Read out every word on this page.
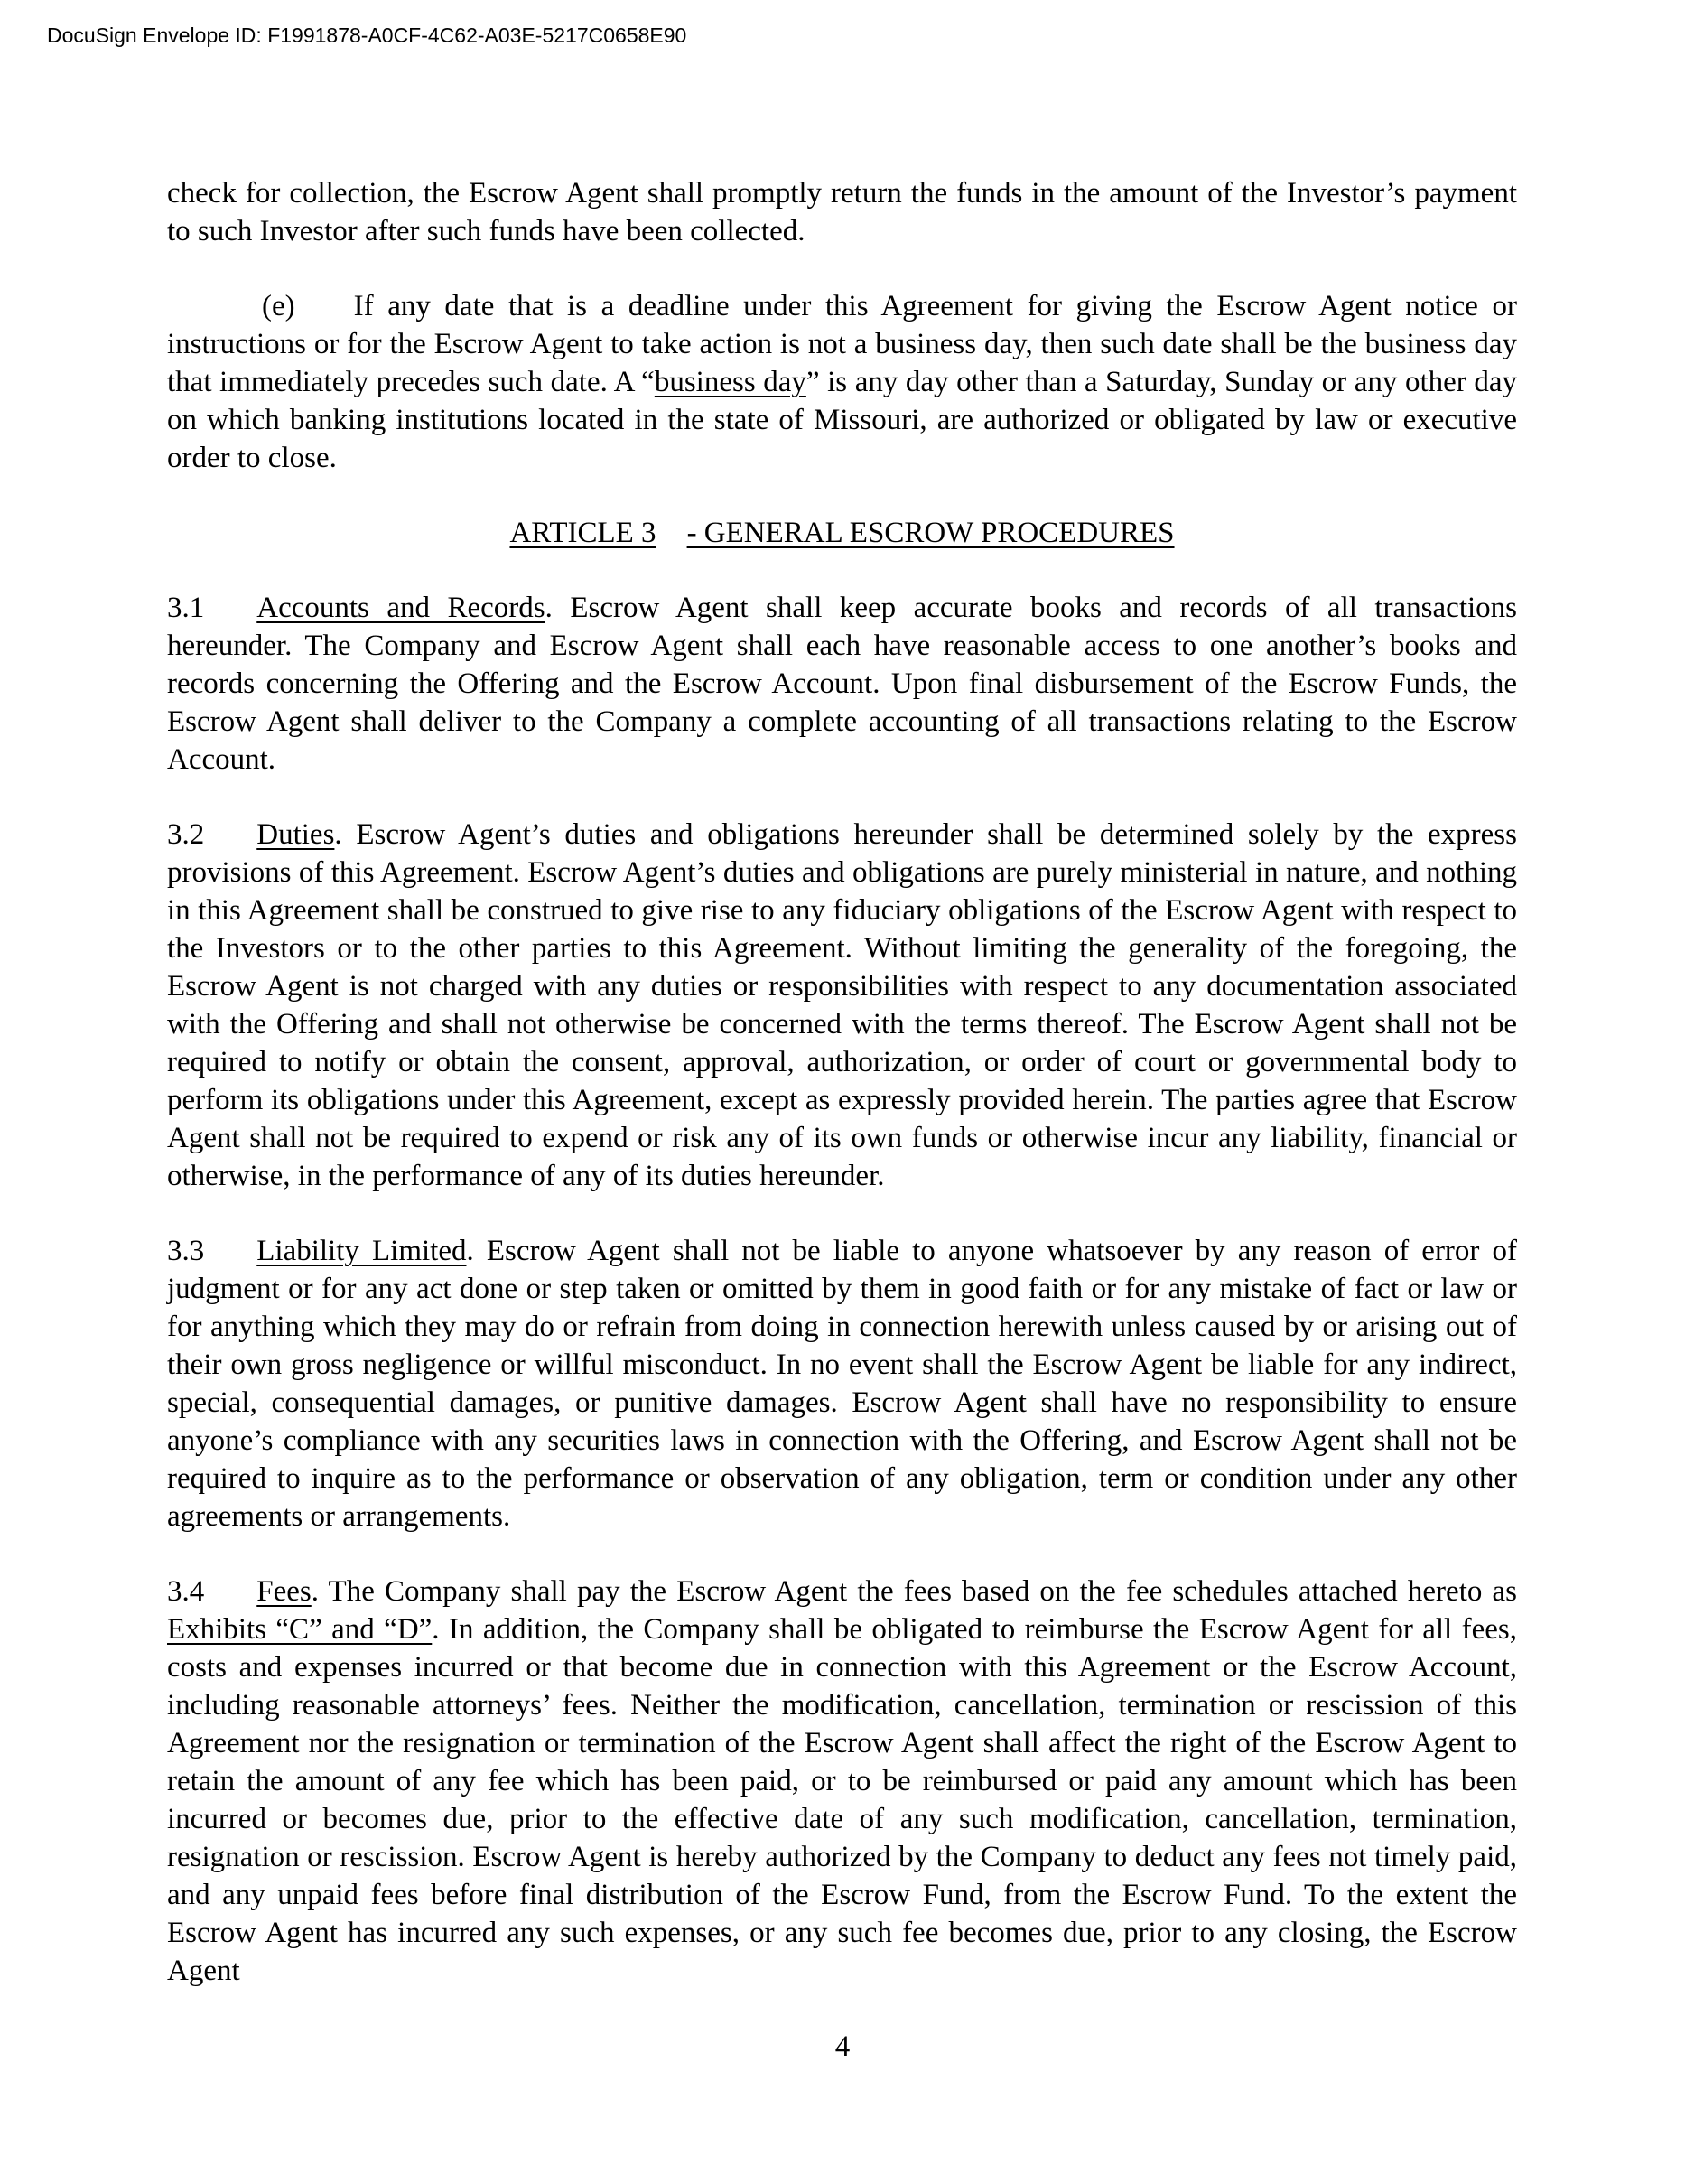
DocuSign Envelope ID: F1991878-A0CF-4C62-A03E-5217C0658E90

check for collection, the Escrow Agent shall promptly return the funds in the amount of the Investor’s payment to such Investor after such funds have been collected.

(e) If any date that is a deadline under this Agreement for giving the Escrow Agent notice or instructions or for the Escrow Agent to take action is not a business day, then such date shall be the business day that immediately precedes such date. A “business day” is any day other than a Saturday, Sunday or any other day on which banking institutions located in the state of Missouri, are authorized or obligated by law or executive order to close.

ARTICLE 3 - GENERAL ESCROW PROCEDURES

3.1 Accounts and Records. Escrow Agent shall keep accurate books and records of all transactions hereunder. The Company and Escrow Agent shall each have reasonable access to one another’s books and records concerning the Offering and the Escrow Account. Upon final disbursement of the Escrow Funds, the Escrow Agent shall deliver to the Company a complete accounting of all transactions relating to the Escrow Account.

3.2 Duties. Escrow Agent’s duties and obligations hereunder shall be determined solely by the express provisions of this Agreement. Escrow Agent’s duties and obligations are purely ministerial in nature, and nothing in this Agreement shall be construed to give rise to any fiduciary obligations of the Escrow Agent with respect to the Investors or to the other parties to this Agreement. Without limiting the generality of the foregoing, the Escrow Agent is not charged with any duties or responsibilities with respect to any documentation associated with the Offering and shall not otherwise be concerned with the terms thereof. The Escrow Agent shall not be required to notify or obtain the consent, approval, authorization, or order of court or governmental body to perform its obligations under this Agreement, except as expressly provided herein. The parties agree that Escrow Agent shall not be required to expend or risk any of its own funds or otherwise incur any liability, financial or otherwise, in the performance of any of its duties hereunder.

3.3 Liability Limited. Escrow Agent shall not be liable to anyone whatsoever by any reason of error of judgment or for any act done or step taken or omitted by them in good faith or for any mistake of fact or law or for anything which they may do or refrain from doing in connection herewith unless caused by or arising out of their own gross negligence or willful misconduct. In no event shall the Escrow Agent be liable for any indirect, special, consequential damages, or punitive damages. Escrow Agent shall have no responsibility to ensure anyone’s compliance with any securities laws in connection with the Offering, and Escrow Agent shall not be required to inquire as to the performance or observation of any obligation, term or condition under any other agreements or arrangements.

3.4 Fees. The Company shall pay the Escrow Agent the fees based on the fee schedules attached hereto as Exhibits “C” and “D”. In addition, the Company shall be obligated to reimburse the Escrow Agent for all fees, costs and expenses incurred or that become due in connection with this Agreement or the Escrow Account, including reasonable attorneys’ fees. Neither the modification, cancellation, termination or rescission of this Agreement nor the resignation or termination of the Escrow Agent shall affect the right of the Escrow Agent to retain the amount of any fee which has been paid, or to be reimbursed or paid any amount which has been incurred or becomes due, prior to the effective date of any such modification, cancellation, termination, resignation or rescission. Escrow Agent is hereby authorized by the Company to deduct any fees not timely paid, and any unpaid fees before final distribution of the Escrow Fund, from the Escrow Fund. To the extent the Escrow Agent has incurred any such expenses, or any such fee becomes due, prior to any closing, the Escrow Agent

4
